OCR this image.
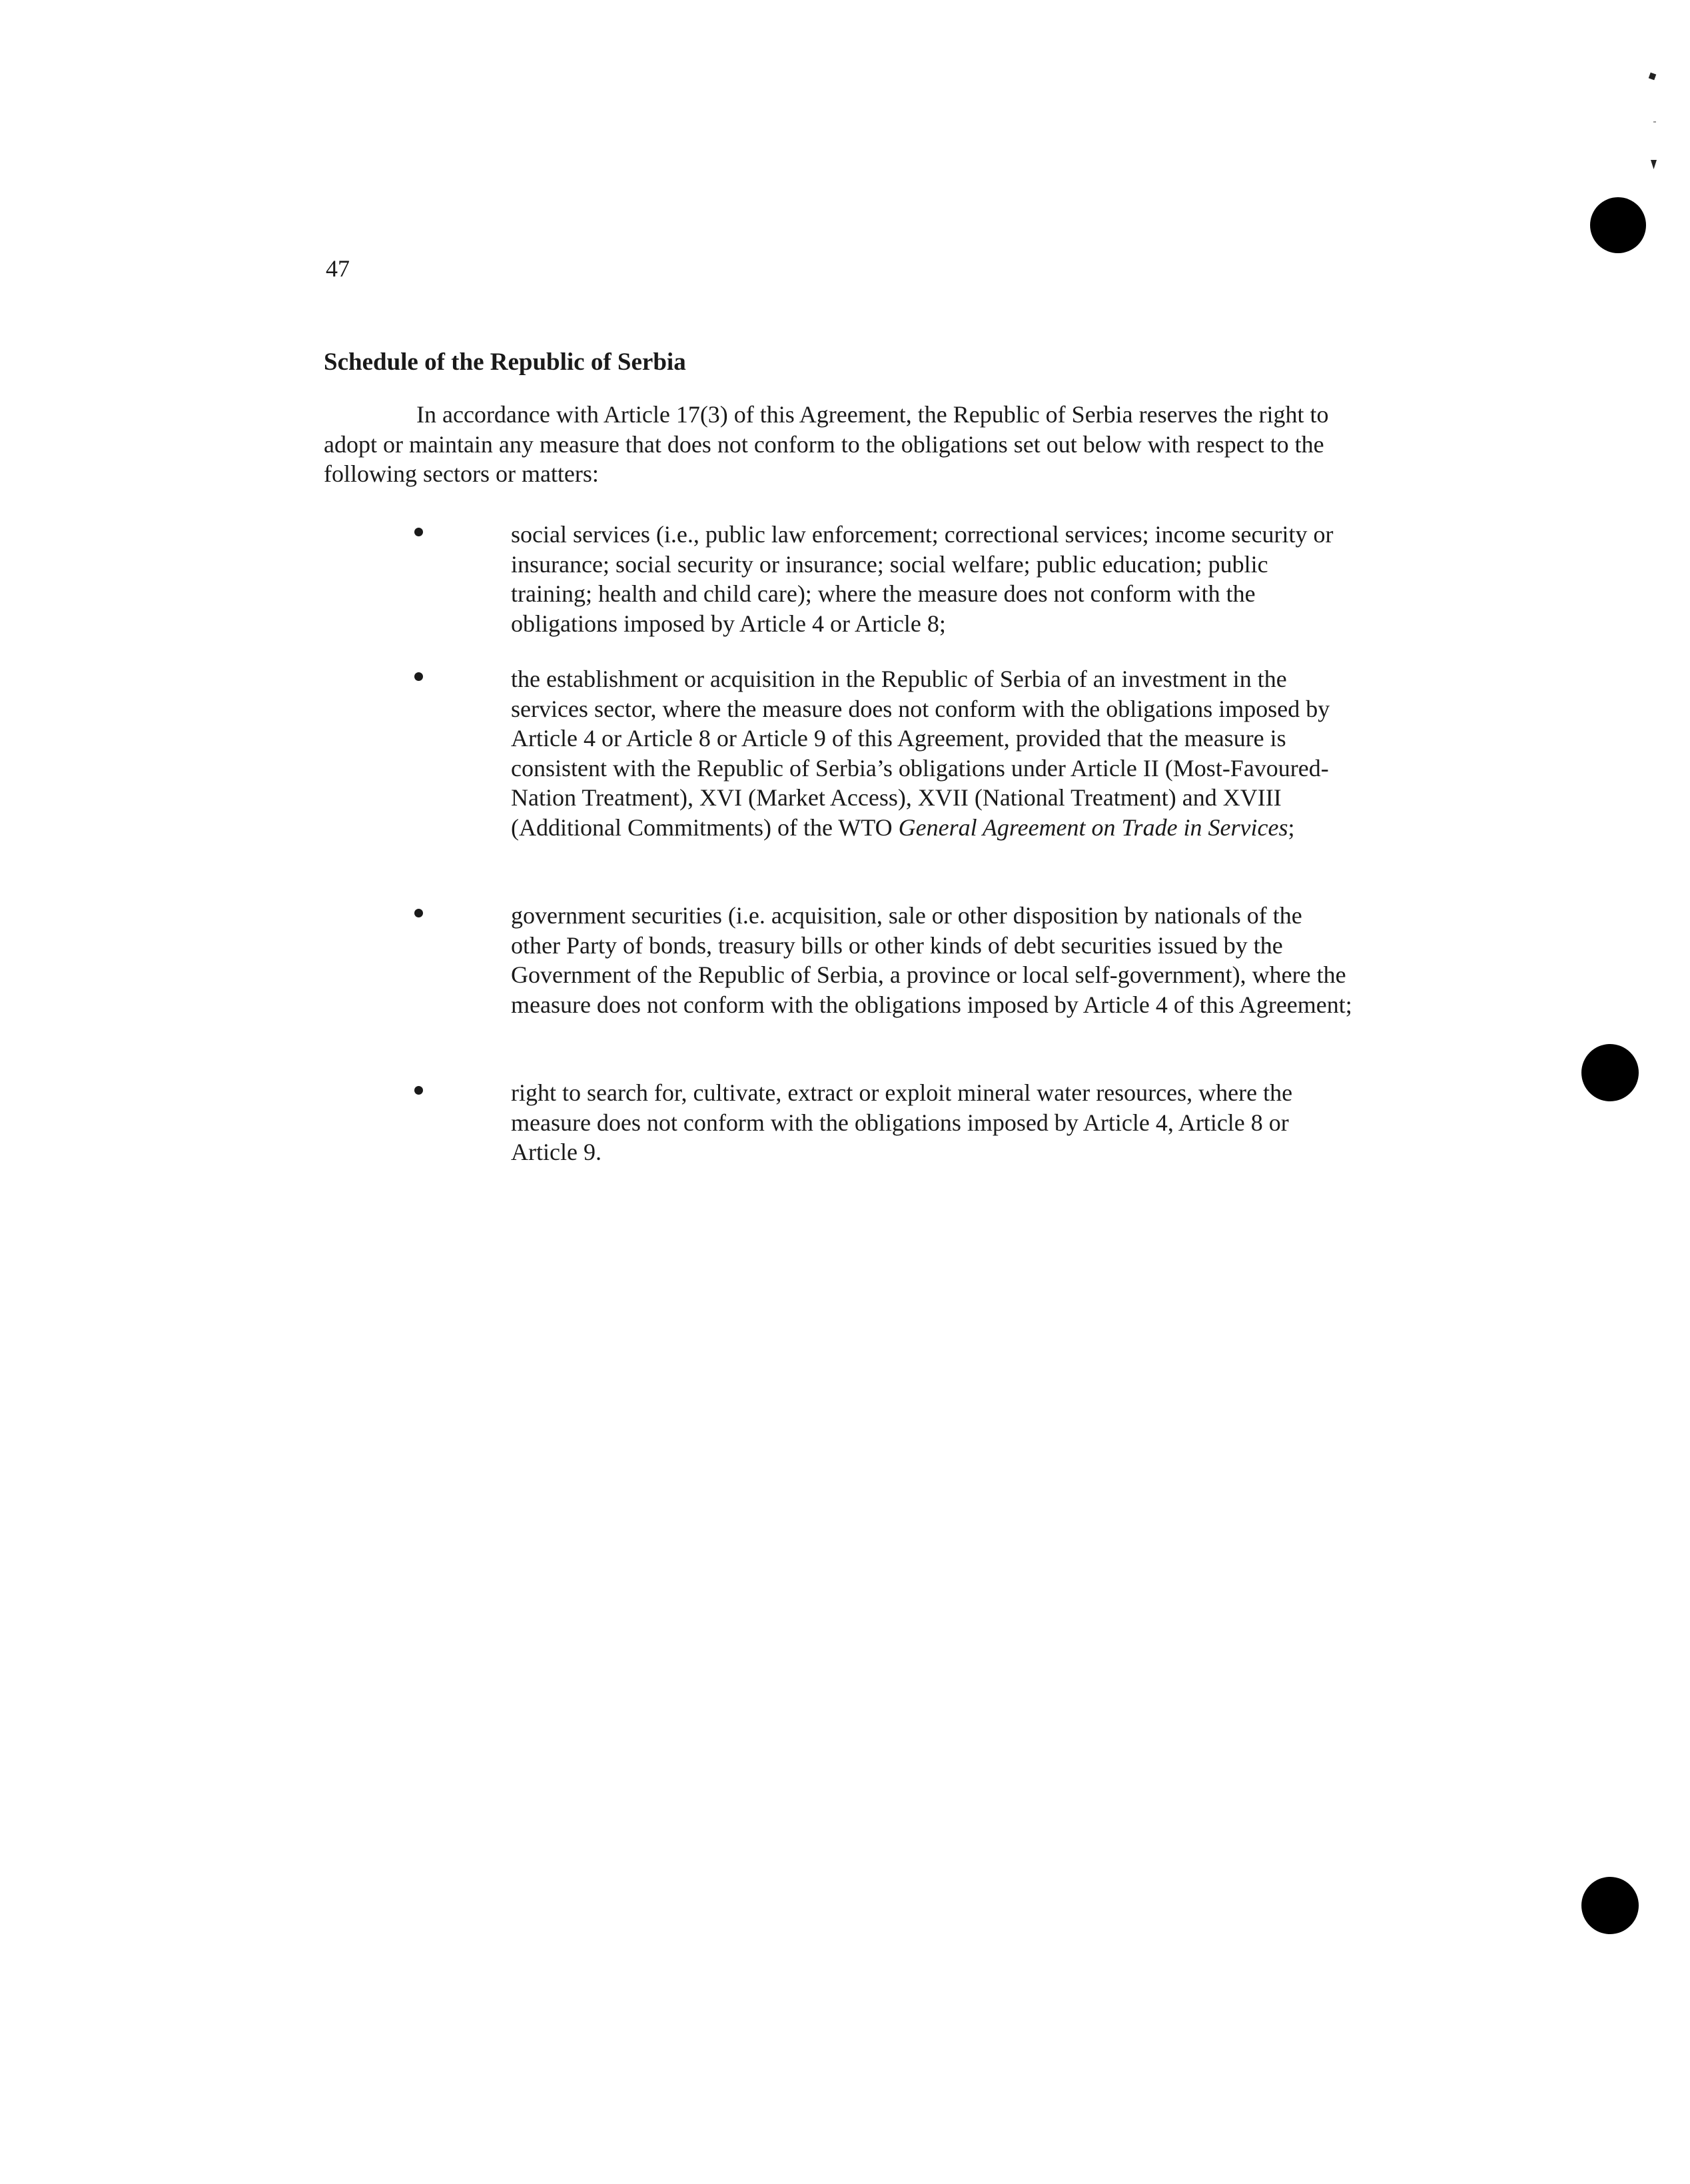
47
Schedule of the Republic of Serbia

In accordance with Article 17(3) of this Agreement, the Republic of Serbia reserves the right to adopt or maintain any measure that does not conform to the obligations set out below with respect to the following sectors or matters:

social services (i.e., public law enforcement; correctional services; income security or insurance; social security or insurance; social welfare; public education; public training; health and child care); where the measure does not conform with the obligations imposed by Article 4 or Article 8;

the establishment or acquisition in the Republic of Serbia of an investment in the services sector, where the measure does not conform with the obligations imposed by Article 4 or Article 8 or Article 9 of this Agreement, provided that the measure is consistent with the Republic of Serbia’s obligations under Article II (Most-Favoured-Nation Treatment), XVI (Market Access), XVII (National Treatment) and XVIII (Additional Commitments) of the WTO General Agreement on Trade in Services;

government securities (i.e. acquisition, sale or other disposition by nationals of the other Party of bonds, treasury bills or other kinds of debt securities issued by the Government of the Republic of Serbia, a province or local self-government), where the measure does not conform with the obligations imposed by Article 4 of this Agreement;

right to search for, cultivate, extract or exploit mineral water resources, where the measure does not conform with the obligations imposed by Article 4, Article 8 or Article 9.
